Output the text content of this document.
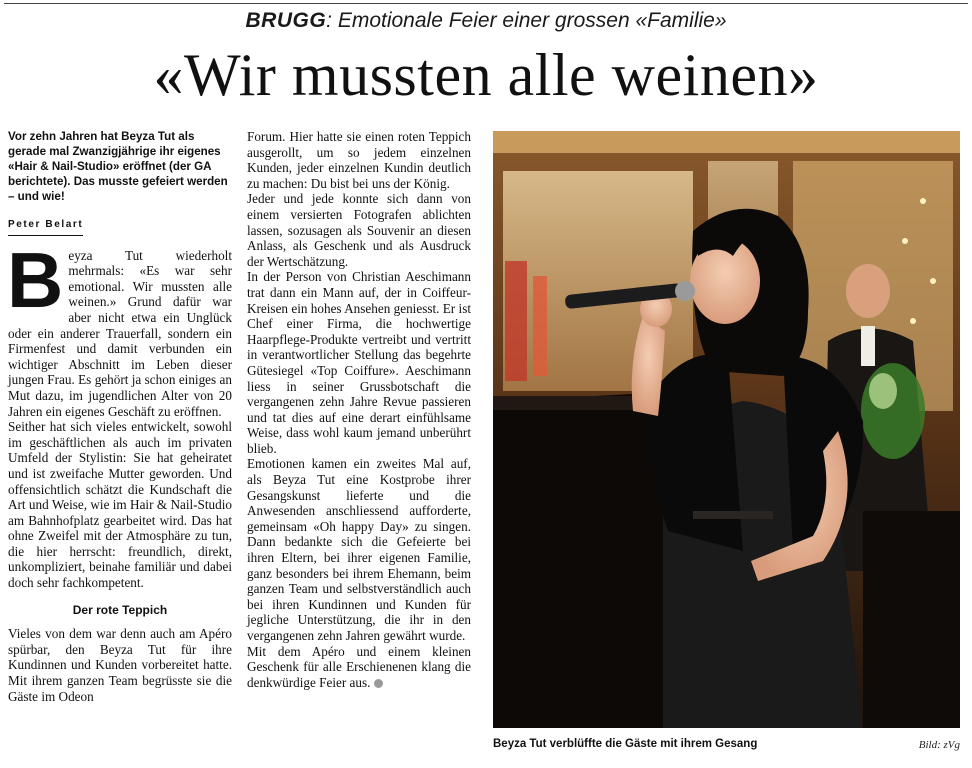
BRUGG: Emotionale Feier einer grossen «Familie»
«Wir mussten alle weinen»

Vor zehn Jahren hat Beyza Tut als gerade mal Zwanzigjährige ihr eigenes «Hair & Nail-Studio» eröffnet (der GA berichtete). Das musste gefeiert werden – und wie!

Peter Belart

Beyza Tut wiederholt mehrmals: «Es war sehr emotional. Wir mussten alle weinen.» Grund dafür war aber nicht etwa ein Unglück oder ein anderer Trauerfall, sondern ein Firmenfest und damit verbunden ein wichtiger Abschnitt im Leben dieser jungen Frau. Es gehört ja schon einiges an Mut dazu, im jugendlichen Alter von 20 Jahren ein eigenes Geschäft zu eröffnen.

Seither hat sich vieles entwickelt, sowohl im geschäftlichen als auch im privaten Umfeld der Stylistin: Sie hat geheiratet und ist zweifache Mutter geworden. Und offensichtlich schätzt die Kundschaft die Art und Weise, wie im Hair & Nail-Studio am Bahnhofplatz gearbeitet wird. Das hat ohne Zweifel mit der Atmosphäre zu tun, die hier herrscht: freundlich, direkt, unkompliziert, beinahe familiär und dabei doch sehr fachkompetent.

Der rote Teppich

Vieles von dem war denn auch am Apéro spürbar, den Beyza Tut für ihre Kundinnen und Kunden vorbereitet hatte. Mit ihrem ganzen Team begrüsste sie die Gäste im Odeon

Forum. Hier hatte sie einen roten Teppich ausgerollt, um so jedem einzelnen Kunden, jeder einzelnen Kundin deutlich zu machen: Du bist bei uns der König.

Jeder und jede konnte sich dann von einem versierten Fotografen ablichten lassen, sozusagen als Souvenir an diesen Anlass, als Geschenk und als Ausdruck der Wertschätzung.

In der Person von Christian Aeschimann trat dann ein Mann auf, der in Coiffeur-Kreisen ein hohes Ansehen geniesst. Er ist Chef einer Firma, die hochwertige Haarpflege-Produkte vertreibt und vertritt in verantwortlicher Stellung das begehrte Gütesiegel «Top Coiffure». Aeschimann liess in seiner Grussbotschaft die vergangenen zehn Jahre Revue passieren und tat dies auf eine derart einfühlsame Weise, dass wohl kaum jemand unberührt blieb.

Emotionen kamen ein zweites Mal auf, als Beyza Tut eine Kostprobe ihrer Gesangskunst lieferte und die Anwesenden anschliessend aufforderte, gemeinsam «Oh happy Day» zu singen. Dann bedankte sich die Gefeierte bei ihren Eltern, bei ihrer eigenen Familie, ganz besonders bei ihrem Ehemann, beim ganzen Team und selbstverständlich auch bei ihren Kundinnen und Kunden für jegliche Unterstützung, die ihr in den vergangenen zehn Jahren gewährt wurde.

Mit dem Apéro und einem kleinen Geschenk für alle Erschienenen klang die denkwürdige Feier aus.

Beyza Tut verblüffte die Gäste mit ihrem Gesang	Bild: zVg
